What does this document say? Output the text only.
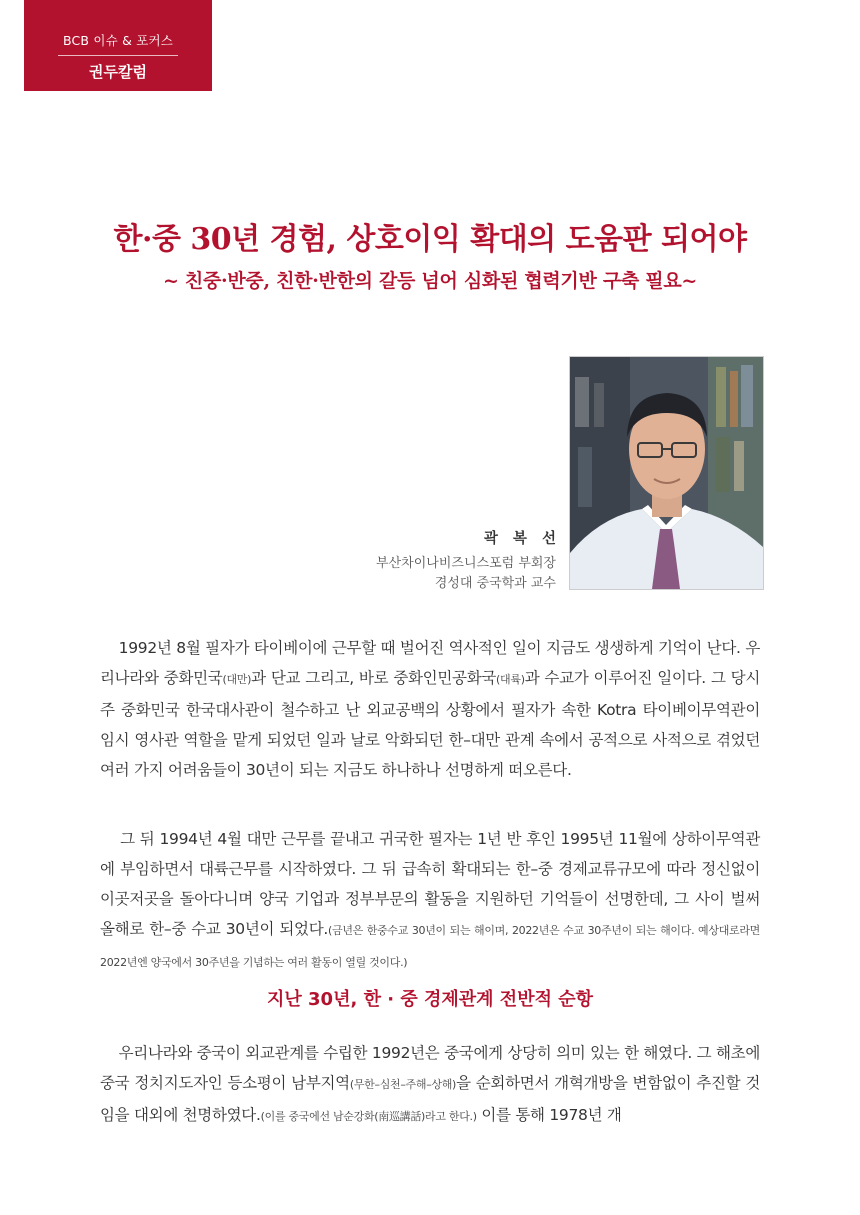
BCB 이슈 & 포커스
권두칼럼
한·중 30년 경험, 상호이익 확대의 도움판 되어야
~ 친중·반중, 친한·반한의 갈등 넘어 심화된 협력기반 구축 필요~
곽 복 선
부산차이나비즈니스포럼 부회장
경성대 중국학과 교수

1992년 8월 필자가 타이베이에 근무할 때 벌어진 역사적인 일이 지금도 생생하게 기억이 난다. 우리나라와 중화민국(대만)과 단교 그리고, 바로 중화인민공화국(대륙)과 수교가 이루어진 일이다. 그 당시 주 중화민국 한국대사관이 철수하고 난 외교공백의 상황에서 필자가 속한 Kotra 타이베이무역관이 임시 영사관 역할을 맡게 되었던 일과 날로 악화되던 한–대만 관계 속에서 공적으로 사적으로 겪었던 여러 가지 어려움들이 30년이 되는 지금도 하나하나 선명하게 떠오른다.

그 뒤 1994년 4월 대만 근무를 끝내고 귀국한 필자는 1년 반 후인 1995년 11월에 상하이무역관에 부임하면서 대륙근무를 시작하였다. 그 뒤 급속히 확대되는 한–중 경제교류규모에 따라 정신없이 이곳저곳을 돌아다니며 양국 기업과 정부부문의 활동을 지원하던 기억들이 선명한데, 그 사이 벌써 올해로 한–중 수교 30년이 되었다.(금년은 한중수교 30년이 되는 해이며, 2022년은 수교 30주년이 되는 해이다. 예상대로라면 2022년엔 양국에서 30주년을 기념하는 여러 활동이 열릴 것이다.)

지난 30년, 한 · 중 경제관계 전반적 순항

우리나라와 중국이 외교관계를 수립한 1992년은 중국에게 상당히 의미 있는 한 해였다. 그 해초에 중국 정치지도자인 등소평이 남부지역(무한–심천–주해–상해)을 순회하면서 개혁개방을 변함없이 추진할 것임을 대외에 천명하였다.(이를 중국에선 남순강화(南巡講話)라고 한다.) 이를 통해 1978년 개
